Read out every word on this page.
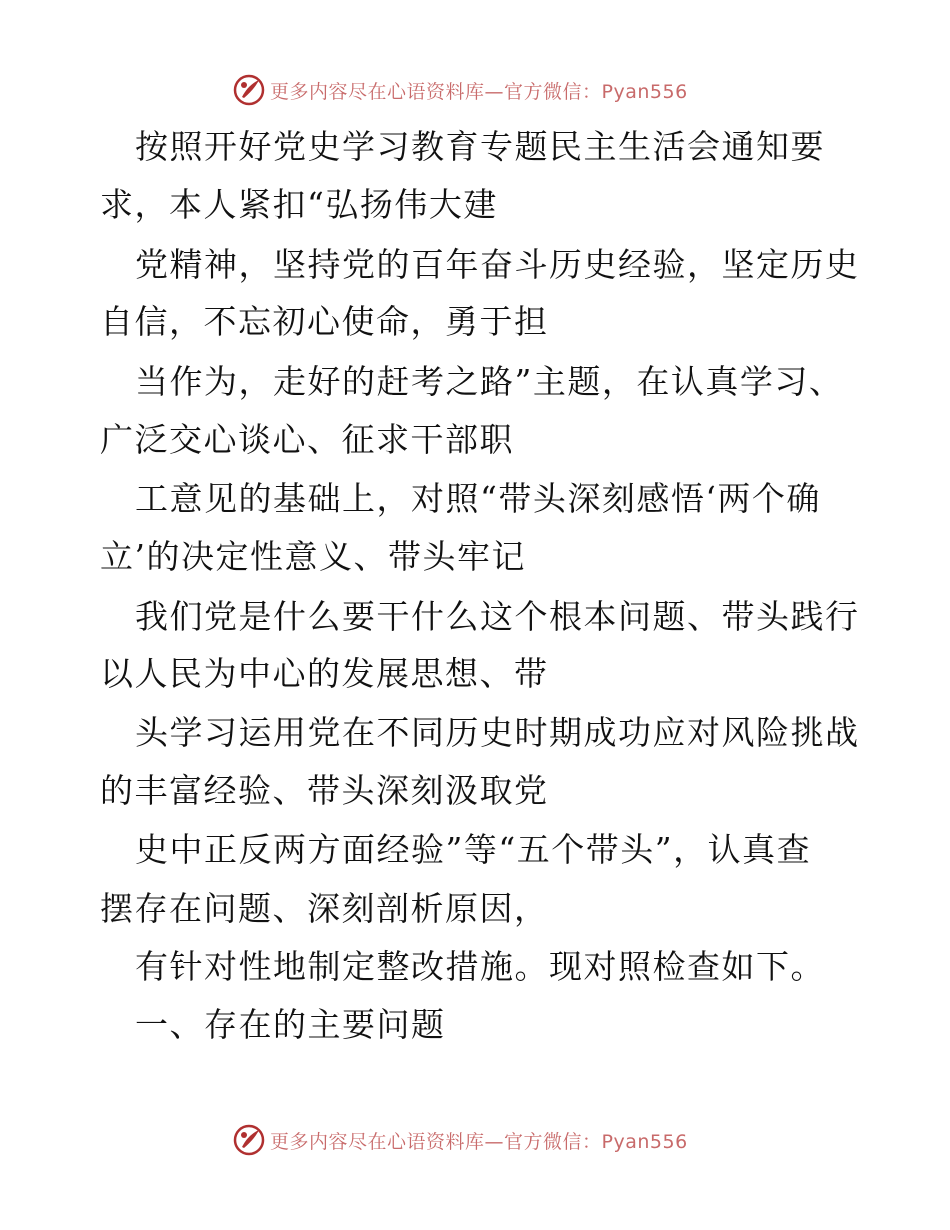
更多内容尽在心语资料库—官方微信：Pyan556
按照开好党史学习教育专题民主生活会通知要
求，本人紧扣“弘扬伟大建
党精神，坚持党的百年奋斗历史经验，坚定历史
自信，不忘初心使命，勇于担
当作为，走好的赶考之路”主题，在认真学习、
广泛交心谈心、征求干部职
工意见的基础上，对照“带头深刻感悟‘两个确
立’的决定性意义、带头牢记
我们党是什么要干什么这个根本问题、带头践行
以人民为中心的发展思想、带
头学习运用党在不同历史时期成功应对风险挑战
的丰富经验、带头深刻汲取党
史中正反两方面经验”等“五个带头”，认真查
摆存在问题、深刻剖析原因，
有针对性地制定整改措施。现对照检查如下。
一、存在的主要问题
更多内容尽在心语资料库—官方微信：Pyan556
